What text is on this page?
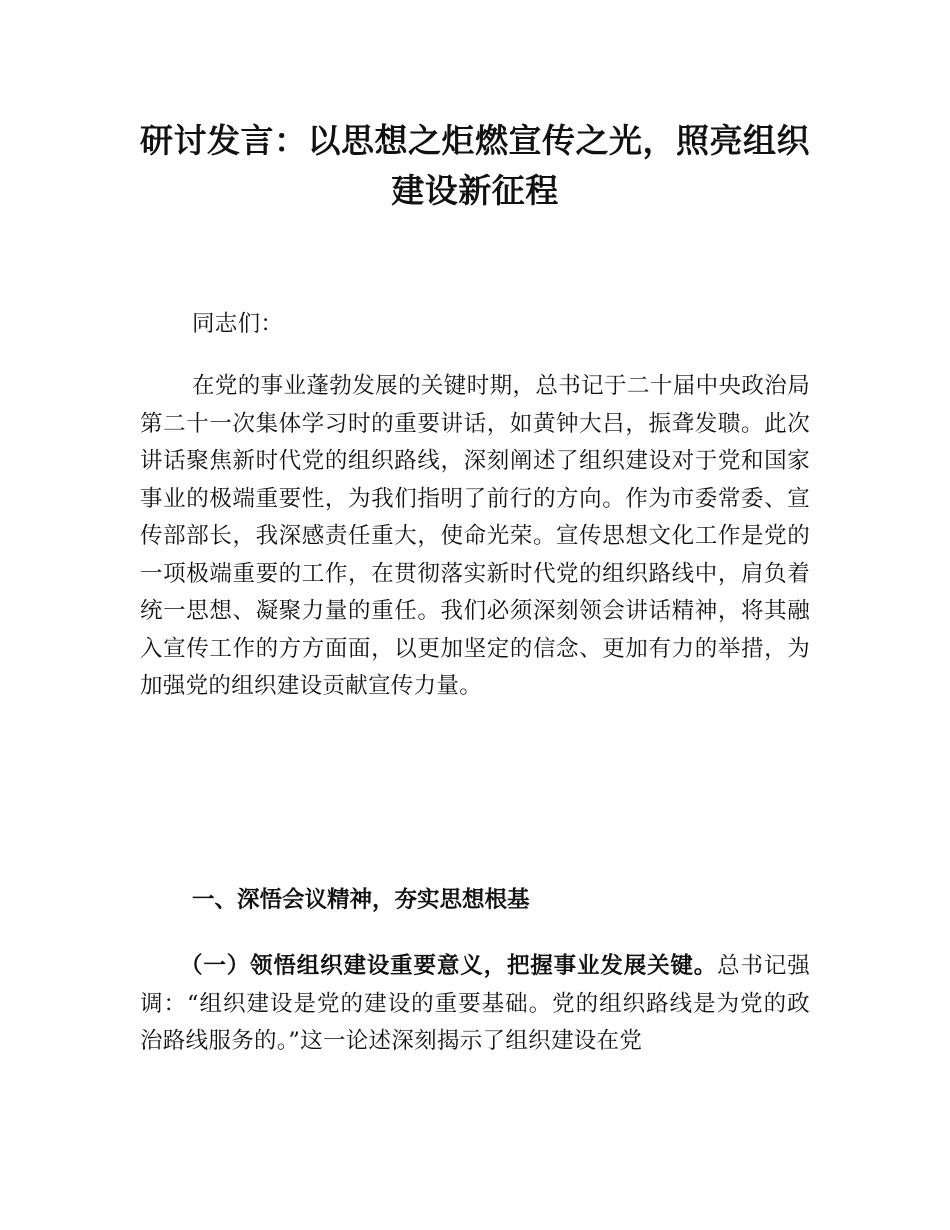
研讨发言：以思想之炬燃宣传之光，照亮组织建设新征程

同志们：

在党的事业蓬勃发展的关键时期，总书记于二十届中央政治局第二十一次集体学习时的重要讲话，如黄钟大吕，振聋发聩。此次讲话聚焦新时代党的组织路线，深刻阐述了组织建设对于党和国家事业的极端重要性，为我们指明了前行的方向。作为市委常委、宣传部部长，我深感责任重大，使命光荣。宣传思想文化工作是党的一项极端重要的工作，在贯彻落实新时代党的组织路线中，肩负着统一思想、凝聚力量的重任。我们必须深刻领会讲话精神，将其融入宣传工作的方方面面，以更加坚定的信念、更加有力的举措，为加强党的组织建设贡献宣传力量。

一、深悟会议精神，夯实思想根基

（一）领悟组织建设重要意义，把握事业发展关键。总书记强调：“组织建设是党的建设的重要基础。党的组织路线是为党的政治路线服务的。”这一论述深刻揭示了组织建设在党
